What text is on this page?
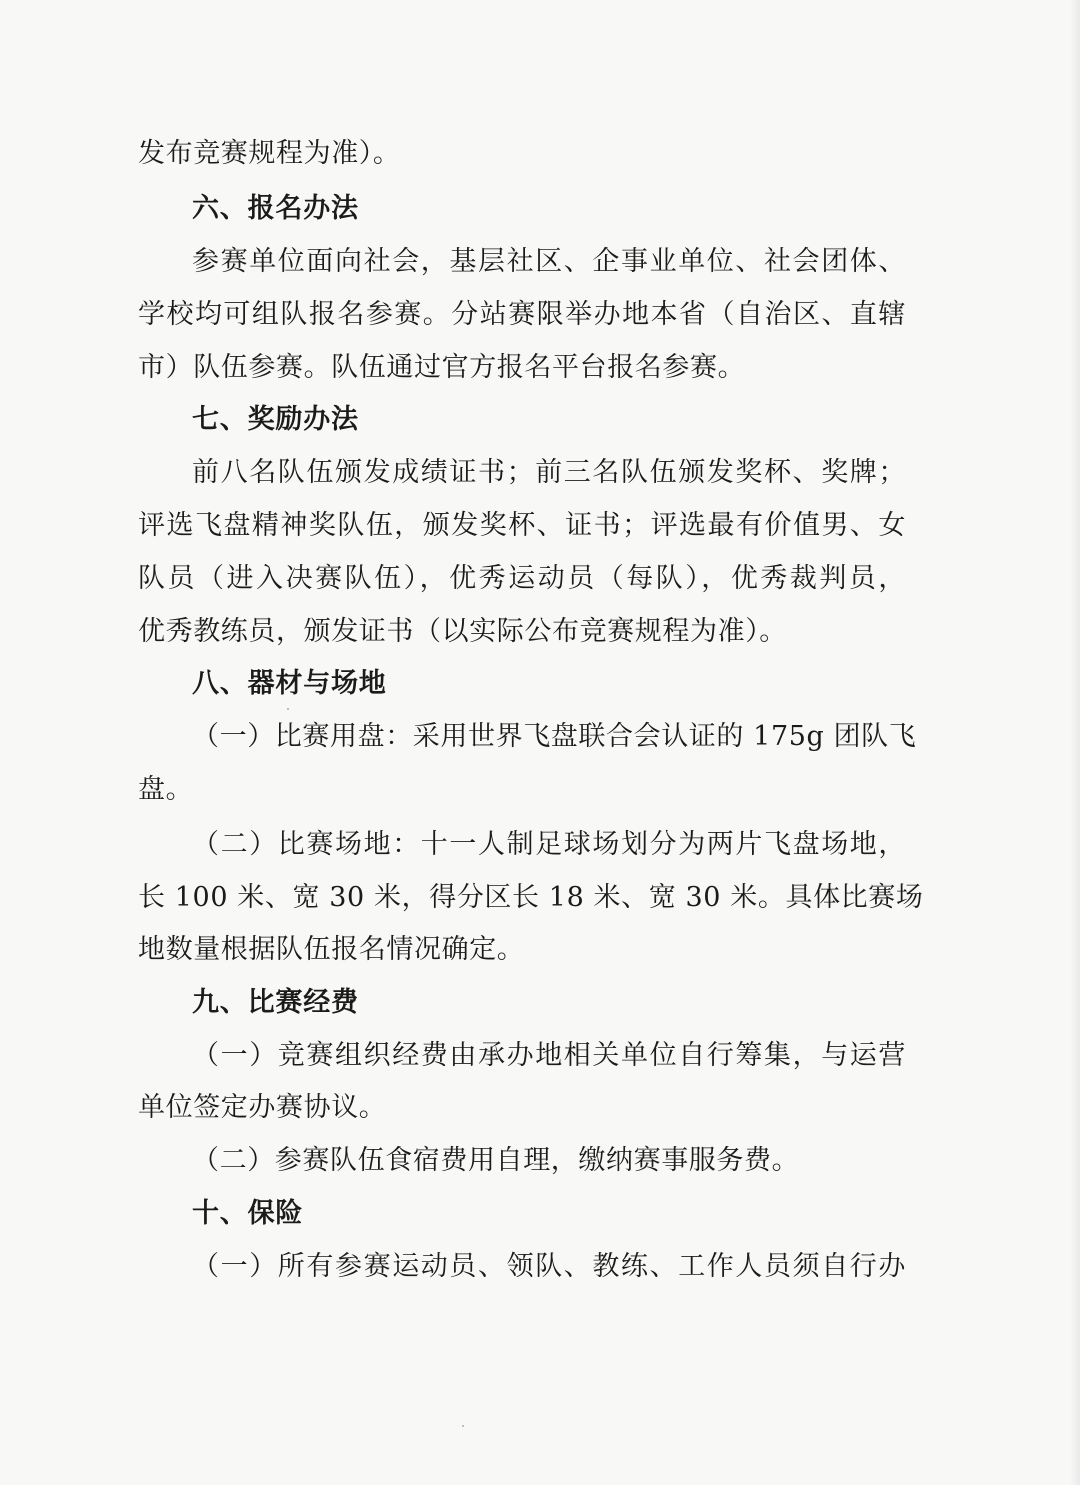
发布竞赛规程为准）。

六、报名办法

参赛单位面向社会，基层社区、企事业单位、社会团体、

学校均可组队报名参赛。分站赛限举办地本省（自治区、直辖

市）队伍参赛。队伍通过官方报名平台报名参赛。

七、奖励办法

前八名队伍颁发成绩证书；前三名队伍颁发奖杯、奖牌；

评选飞盘精神奖队伍，颁发奖杯、证书；评选最有价值男、女

队员（进入决赛队伍），优秀运动员（每队），优秀裁判员，

优秀教练员，颁发证书（以实际公布竞赛规程为准）。

八、器材与场地

（一）比赛用盘：采用世界飞盘联合会认证的 175g 团队飞

盘。

（二）比赛场地：十一人制足球场划分为两片飞盘场地，

长 100 米、宽 30 米，得分区长 18 米、宽 30 米。具体比赛场

地数量根据队伍报名情况确定。

九、比赛经费

（一）竞赛组织经费由承办地相关单位自行筹集，与运营

单位签定办赛协议。

（二）参赛队伍食宿费用自理，缴纳赛事服务费。

十、保险

（一）所有参赛运动员、领队、教练、工作人员须自行办
